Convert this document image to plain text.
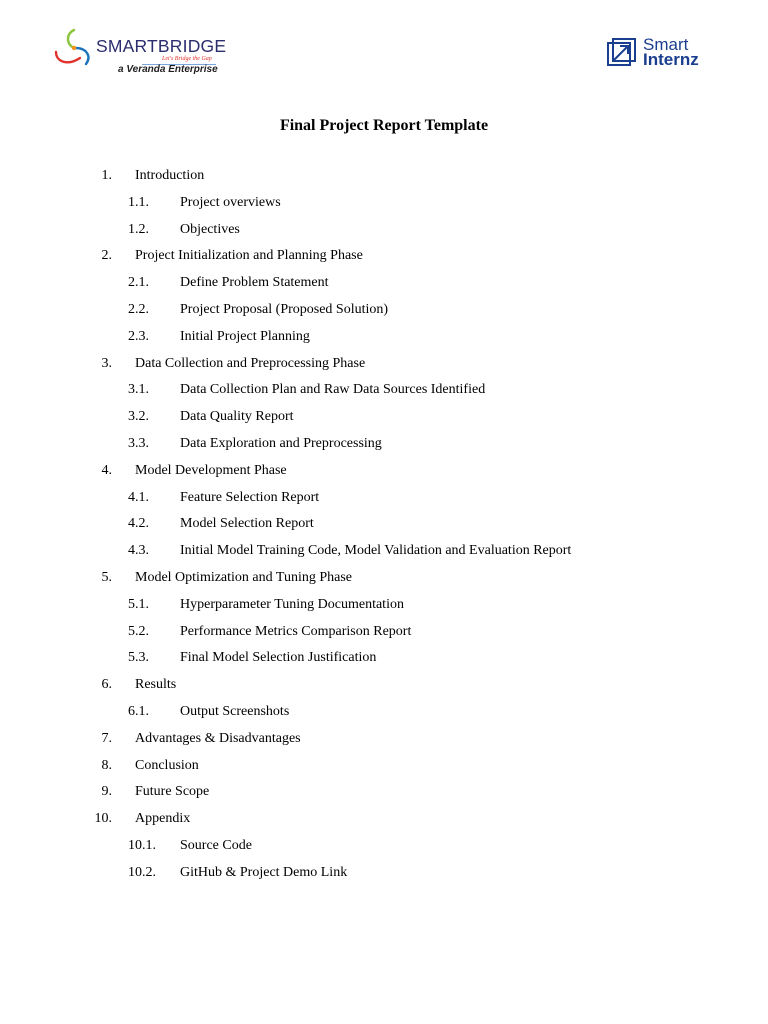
SMARTBRIDGE
Let's Bridge the Gap
a Veranda Enterprise
Smart
Internz
Final Project Report Template
1. Introduction
1.1.	Project overviews
1.2.	Objectives
2. Project Initialization and Planning Phase
2.1.	Define Problem Statement
2.2.	Project Proposal (Proposed Solution)
2.3.	Initial Project Planning
3. Data Collection and Preprocessing Phase
3.1.	Data Collection Plan and Raw Data Sources Identified
3.2.	Data Quality Report
3.3.	Data Exploration and Preprocessing
4. Model Development Phase
4.1.	Feature Selection Report
4.2.	Model Selection Report
4.3.	Initial Model Training Code, Model Validation and Evaluation Report
5. Model Optimization and Tuning Phase
5.1.	Hyperparameter Tuning Documentation
5.2.	Performance Metrics Comparison Report
5.3.	Final Model Selection Justification
6. Results
6.1.	Output Screenshots
7. Advantages & Disadvantages
8. Conclusion
9. Future Scope
10. Appendix
10.1.	Source Code
10.2.	GitHub & Project Demo Link
